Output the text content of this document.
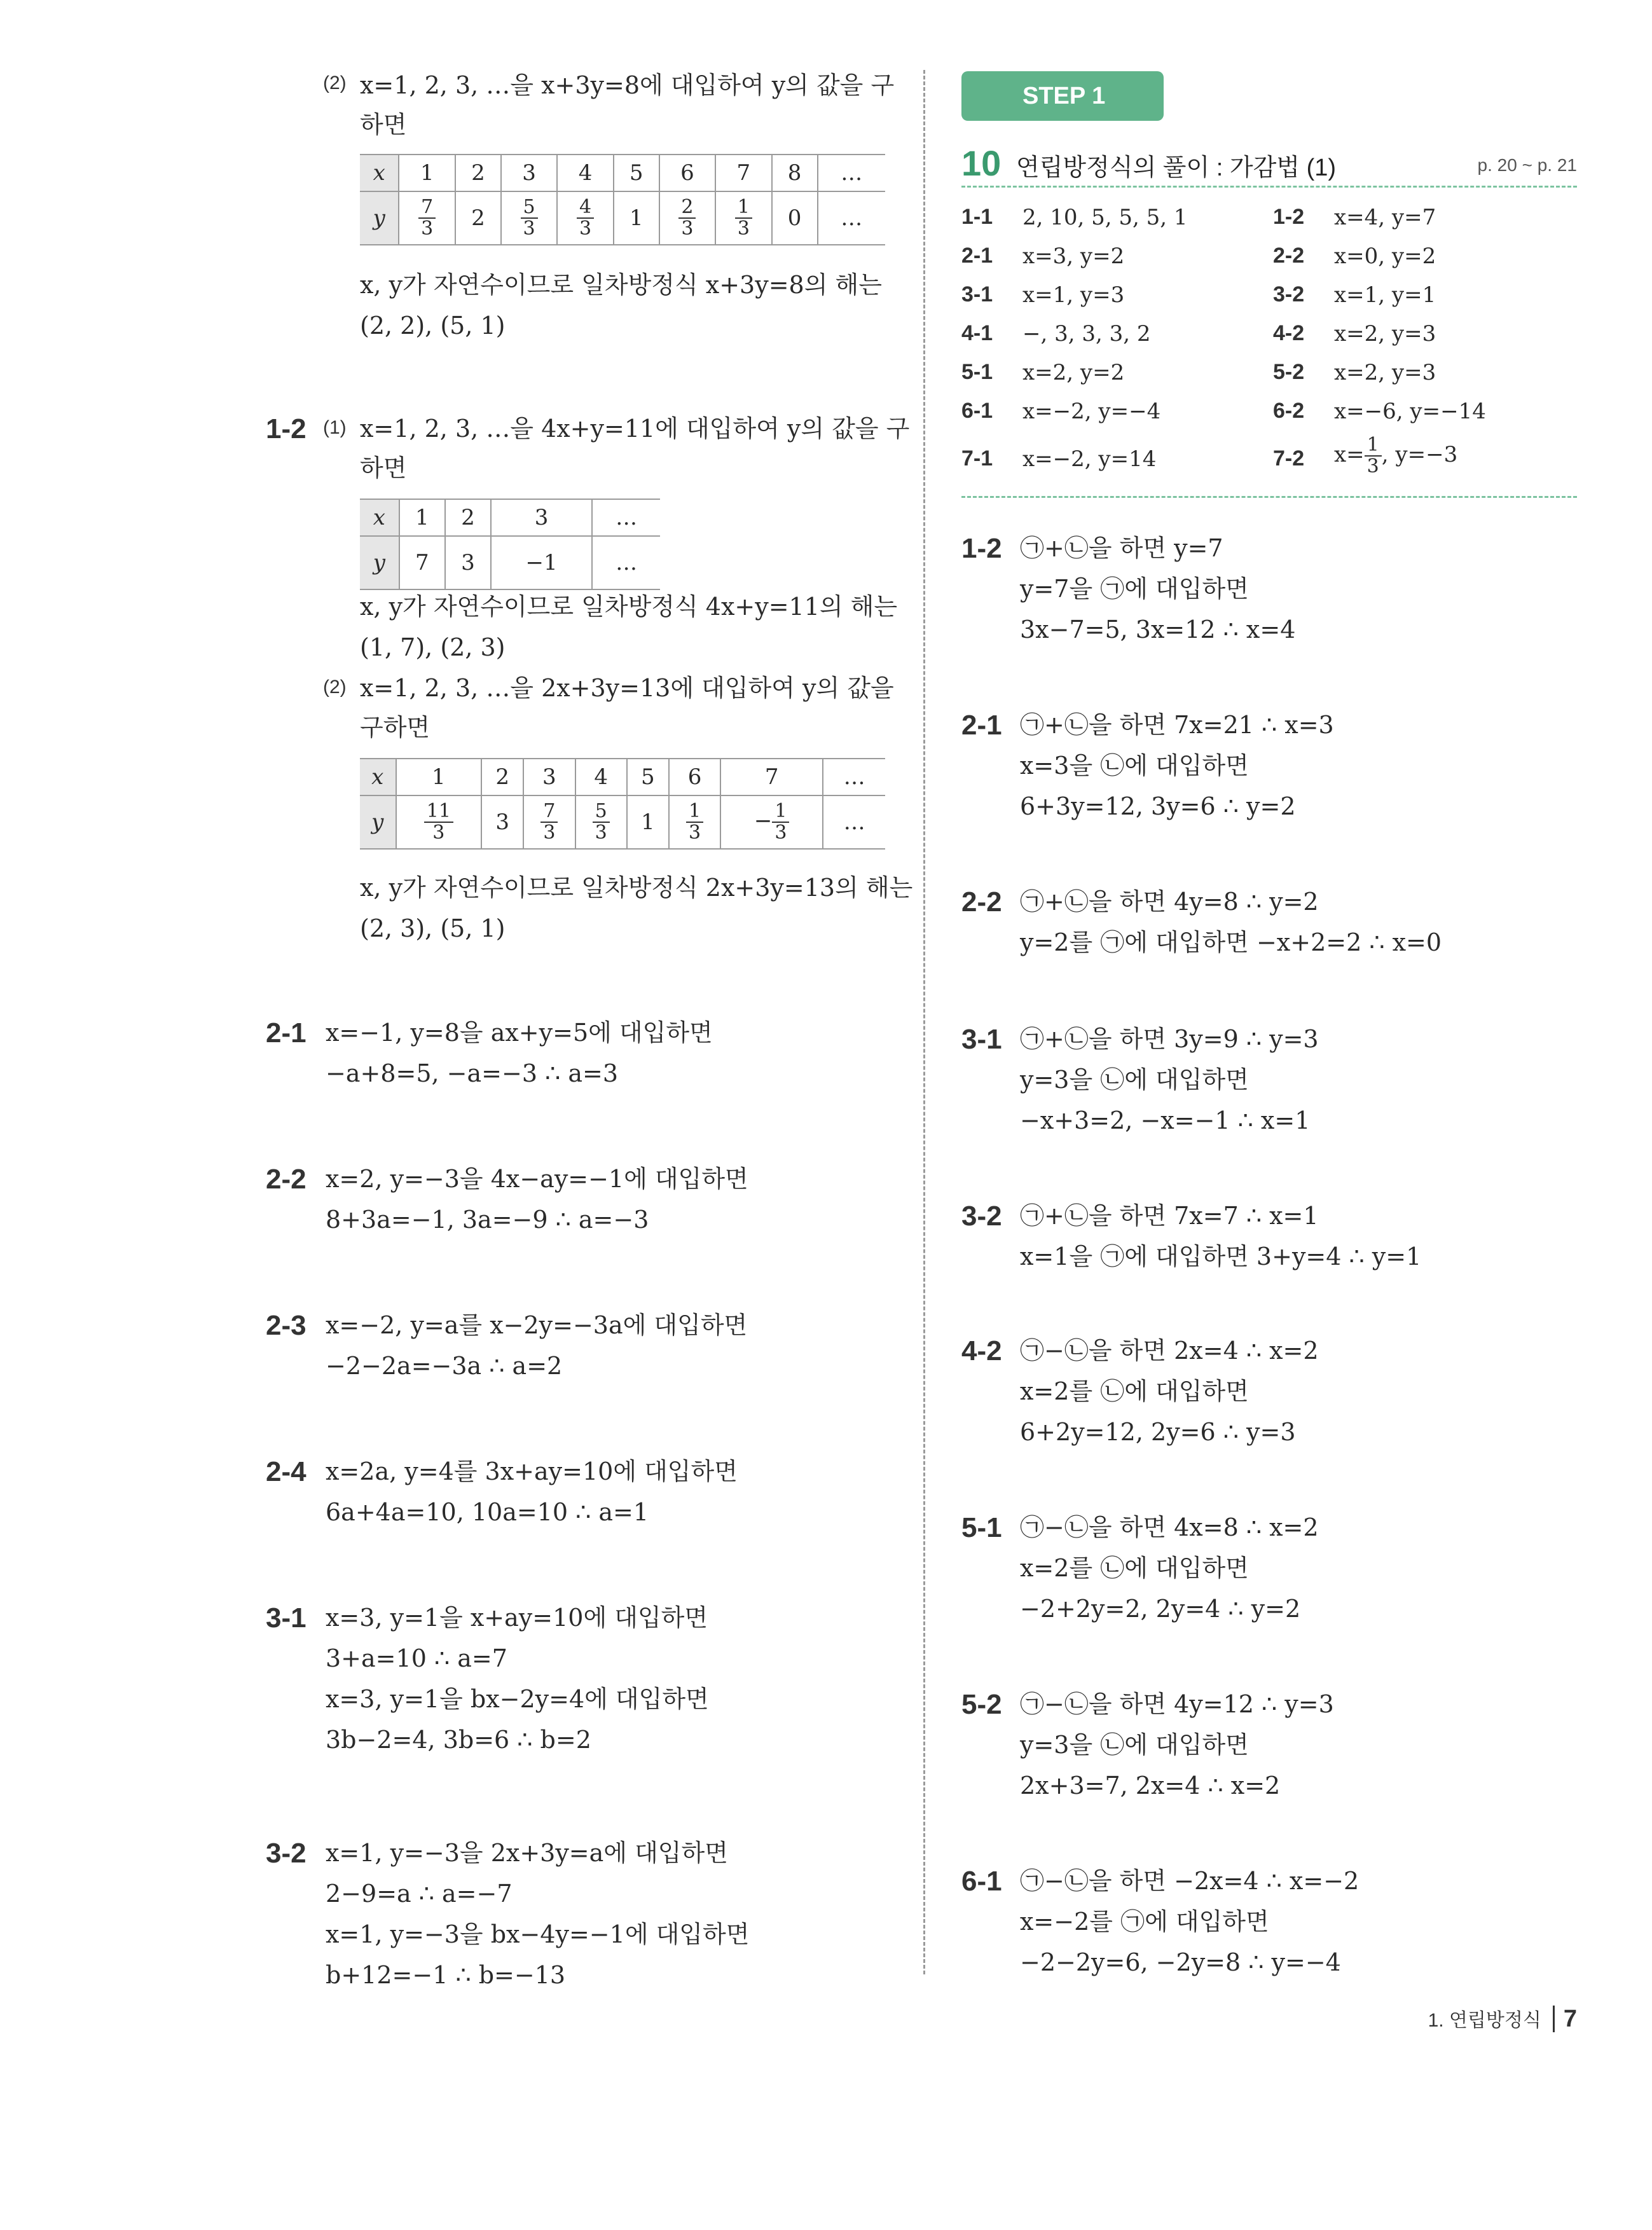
(2) x=1, 2, 3, …을 x+3y=8에 대입하여 y의 값을 구
하면
x	1	2	3	4	5	6	7	8	…
y	$\frac{7}{3}$	2	$\frac{5}{3}$	$\frac{4}{3}$	1	$\frac{2}{3}$	$\frac{1}{3}$	0	…
x, y가 자연수이므로 일차방정식 x+3y=8의 해는
(2, 2), (5, 1)
1-2 (1) x=1, 2, 3, …을 4x+y=11에 대입하여 y의 값을 구
하면
x	1	2	3	…
y	7	3	−1	…
x, y가 자연수이므로 일차방정식 4x+y=11의 해는
(1, 7), (2, 3)
(2) x=1, 2, 3, …을 2x+3y=13에 대입하여 y의 값을
구하면
x	1	2	3	4	5	6	7	…
y	$\frac{11}{3}$	3	$\frac{7}{3}$	$\frac{5}{3}$	1	$\frac{1}{3}$	− $\frac{1}{3}$	…
x, y가 자연수이므로 일차방정식 2x+3y=13의 해는
(2, 3), (5, 1)
2-1 x=−1, y=8을 ax+y=5에 대입하면
−a+8=5, −a=−3 ∴ a=3
2-2 x=2, y=−3을 4x−ay=−1에 대입하면
8+3a=−1, 3a=−9 ∴ a=−3
2-3 x=−2, y=a를 x−2y=−3a에 대입하면
−2−2a=−3a ∴ a=2
2-4 x=2a, y=4를 3x+ay=10에 대입하면
6a+4a=10, 10a=10 ∴ a=1
3-1 x=3, y=1을 x+ay=10에 대입하면
3+a=10 ∴ a=7
x=3, y=1을 bx−2y=4에 대입하면
3b−2=4, 3b=6 ∴ b=2
3-2 x=1, y=−3을 2x+3y=a에 대입하면
2−9=a ∴ a=−7
x=1, y=−3을 bx−4y=−1에 대입하면
b+12=−1 ∴ b=−13
STEP 1
10 연립방정식의 풀이 : 가감법 (1)	p. 20 ~ p. 21
1-1 2, 10, 5, 5, 5, 1	1-2 x=4, y=7
2-1 x=3, y=2	2-2 x=0, y=2
3-1 x=1, y=3	3-2 x=1, y=1
4-1 −, 3, 3, 3, 2	4-2 x=2, y=3
5-1 x=2, y=2	5-2 x=2, y=3
6-1 x=−2, y=−4	6-2 x=−6, y=−14
7-1 x=−2, y=14	7-2 $x= \frac{1}{3}$ , y=−3
1-2 ㉠+㉡을 하면 y=7
y=7을 ㉠에 대입하면
3x−7=5, 3x=12 ∴ x=4
2-1 ㉠+㉡을 하면 7x=21 ∴ x=3
x=3을 ㉡에 대입하면
6+3y=12, 3y=6 ∴ y=2
2-2 ㉠+㉡을 하면 4y=8 ∴ y=2
y=2를 ㉠에 대입하면 −x+2=2 ∴ x=0
3-1 ㉠+㉡을 하면 3y=9 ∴ y=3
y=3을 ㉡에 대입하면
−x+3=2, −x=−1 ∴ x=1
3-2 ㉠+㉡을 하면 7x=7 ∴ x=1
x=1을 ㉠에 대입하면 3+y=4 ∴ y=1
4-2 ㉠−㉡을 하면 2x=4 ∴ x=2
x=2를 ㉡에 대입하면
6+2y=12, 2y=6 ∴ y=3
5-1 ㉠−㉡을 하면 4x=8 ∴ x=2
x=2를 ㉡에 대입하면
−2+2y=2, 2y=4 ∴ y=2
5-2 ㉠−㉡을 하면 4y=12 ∴ y=3
y=3을 ㉡에 대입하면
2x+3=7, 2x=4 ∴ x=2
6-1 ㉠−㉡을 하면 −2x=4 ∴ x=−2
x=−2를 ㉠에 대입하면
−2−2y=6, −2y=8 ∴ y=−4
1. 연립방정식 7
